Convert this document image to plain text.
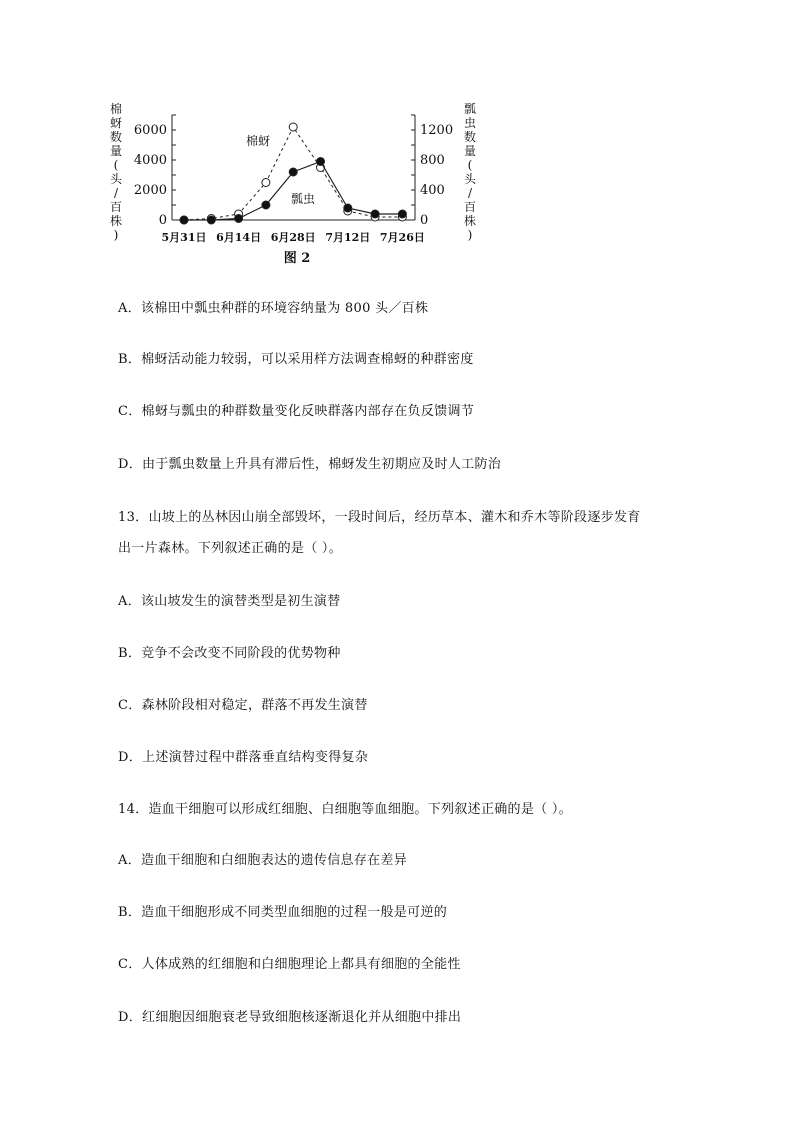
0
2000
4000
6000
0
400
800
1200
5月31日 6月14日 6月28日 7月12日 7月26日
棉
蚜
数
量
(
头
/
百
株
)
瓢
虫
数
量
(
头
/
百
株
)
图 2
棉蚜
瓢虫
A．该棉田中瓢虫种群的环境容纳量为 800 头／百株
B．棉蚜活动能力较弱，可以采用样方法调查棉蚜的种群密度
C．棉蚜与瓢虫的种群数量变化反映群落内部存在负反馈调节
D．由于瓢虫数量上升具有滞后性，棉蚜发生初期应及时人工防治
13．山坡上的丛林因山崩全部毁坏，一段时间后，经历草本、灌木和乔木等阶段逐步发育
出一片森林。下列叙述正确的是（ ）。
A．该山坡发生的演替类型是初生演替
B．竞争不会改变不同阶段的优势物种
C．森林阶段相对稳定，群落不再发生演替
D．上述演替过程中群落垂直结构变得复杂
14．造血干细胞可以形成红细胞、白细胞等血细胞。下列叙述正确的是（ ）。
A．造血干细胞和白细胞表达的遗传信息存在差异
B．造血干细胞形成不同类型血细胞的过程一般是可逆的
C．人体成熟的红细胞和白细胞理论上都具有细胞的全能性
D．红细胞因细胞衰老导致细胞核逐渐退化并从细胞中排出
